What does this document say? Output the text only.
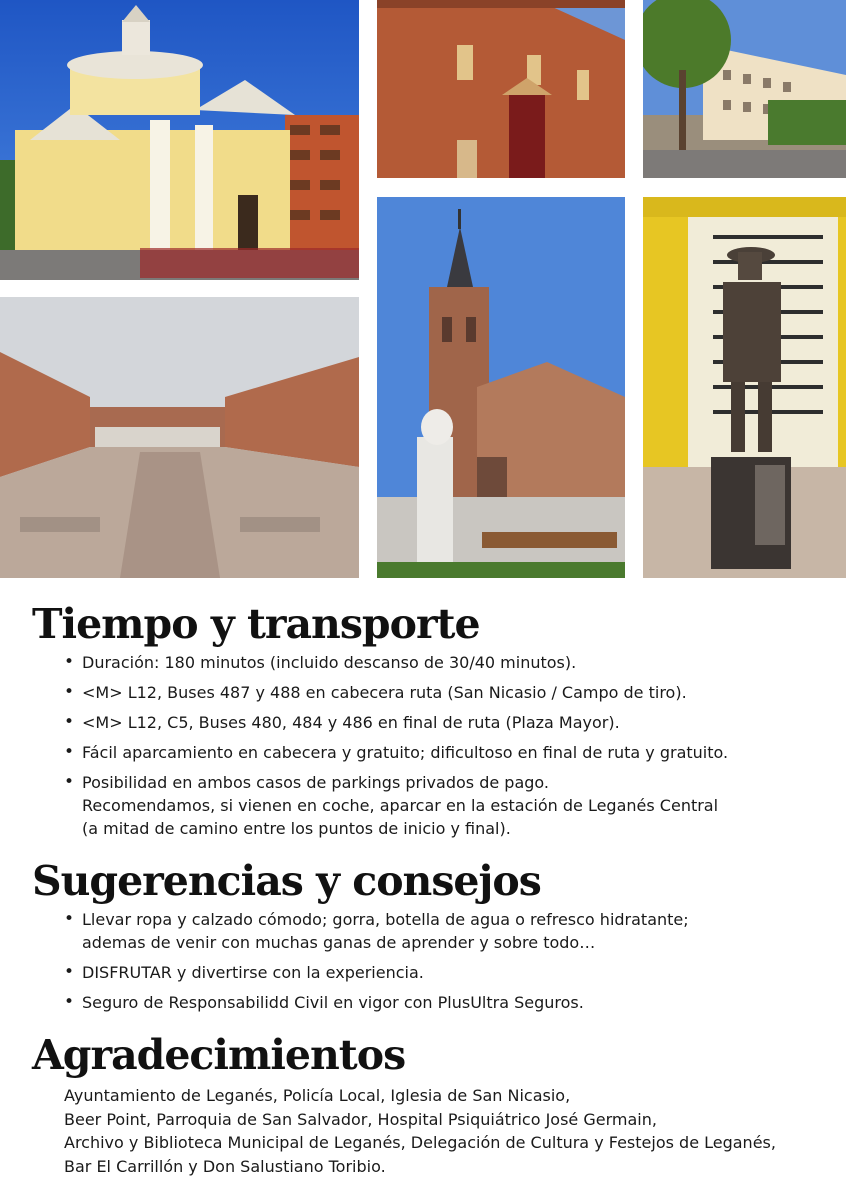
Tiempo y transporte
• Duración: 180 minutos (incluido descanso de 30/40 minutos).
• <M> L12, Buses 487 y 488 en cabecera ruta (San Nicasio / Campo de tiro).
• <M> L12, C5, Buses 480, 484 y 486 en final de ruta (Plaza Mayor).
• Fácil aparcamiento en cabecera y gratuito; dificultoso en final de ruta y gratuito.
• Posibilidad en ambos casos de parkings privados de pago.
Recomendamos, si vienen en coche, aparcar en la estación de Leganés Central
(a mitad de camino entre los puntos de inicio y final).
Sugerencias y consejos
• Llevar ropa y calzado cómodo; gorra, botella de agua o refresco hidratante;
ademas de venir con muchas ganas de aprender y sobre todo…
• DISFRUTAR y divertirse con la experiencia.
• Seguro de Responsabilidd Civil en vigor con PlusUltra Seguros.
Agradecimientos
Ayuntamiento de Leganés, Policía Local, Iglesia de San Nicasio,
Beer Point, Parroquia de San Salvador, Hospital Psiquiátrico José Germain,
Archivo y Biblioteca Municipal de Leganés, Delegación de Cultura y Festejos de Leganés,
Bar El Carrillón y Don Salustiano Toribio.
